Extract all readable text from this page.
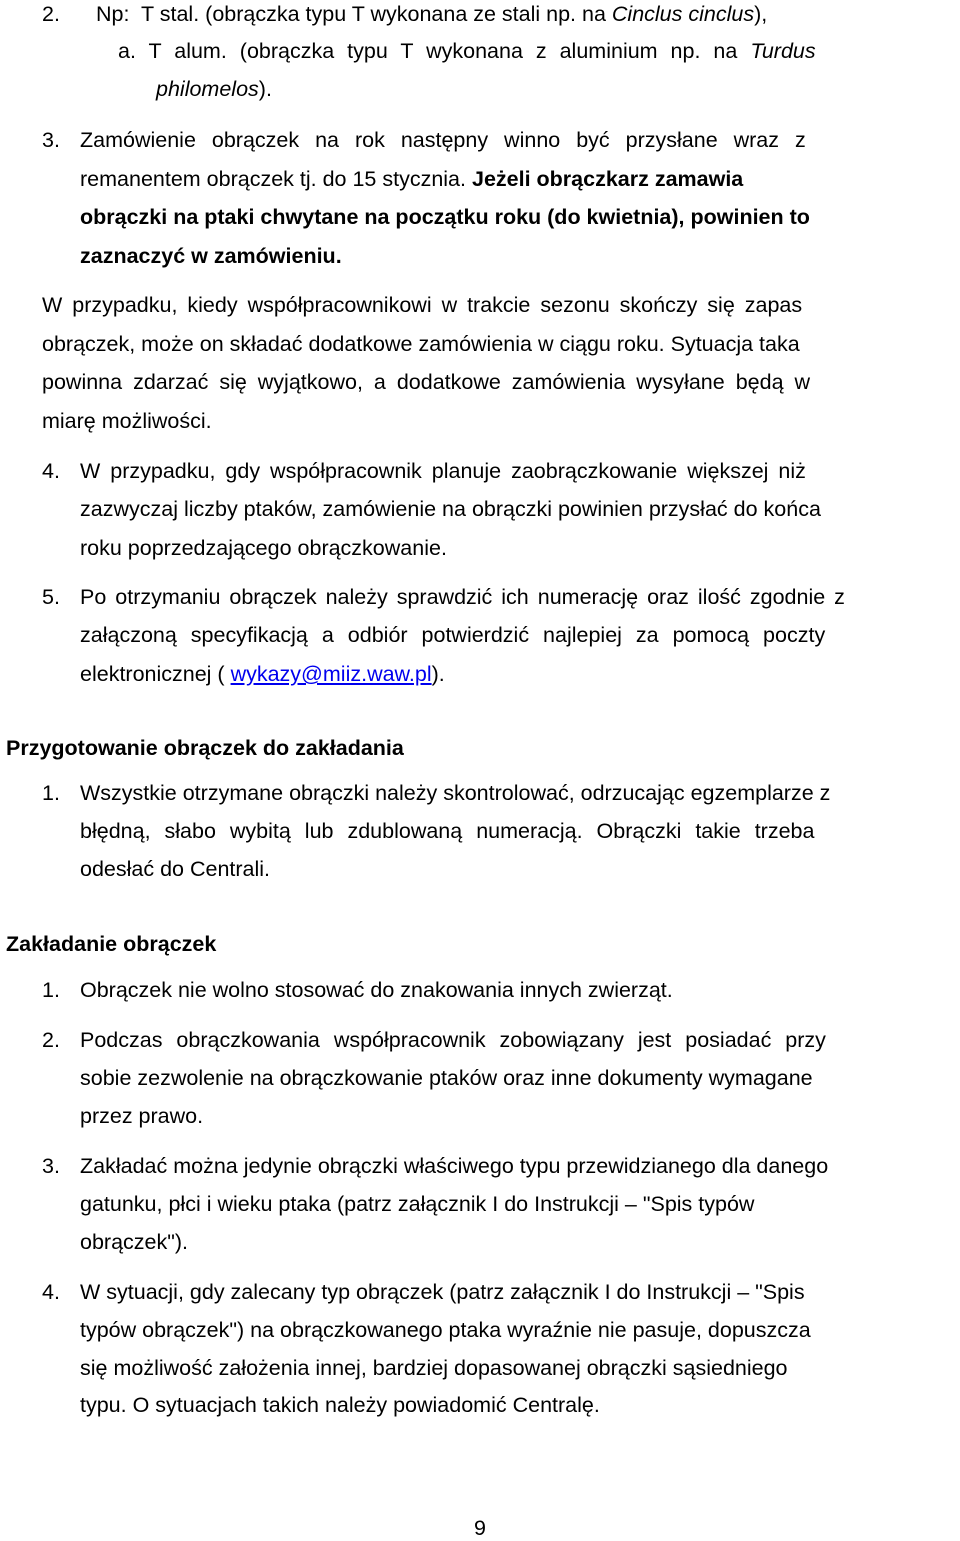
2. Np: T stal. (obrączka typu T wykonana ze stali np. na Cinclus cinclus),
a. T alum. (obrączka typu T wykonana z aluminium np. na Turdus
philomelos).
3. Zamówienie obrączek na rok następny winno być przysłane wraz z
remanentem obrączek tj. do 15 stycznia. Jeżeli obrączkarz zamawia
obrączki na ptaki chwytane na początku roku (do kwietnia), powinien to
zaznaczyć w zamówieniu.
W przypadku, kiedy współpracownikowi w trakcie sezonu skończy się zapas
obrączek, może on składać dodatkowe zamówienia w ciągu roku. Sytuacja taka
powinna zdarzać się wyjątkowo, a dodatkowe zamówienia wysyłane będą w
miarę możliwości.
4. W przypadku, gdy współpracownik planuje zaobrączkowanie większej niż
zazwyczaj liczby ptaków, zamówienie na obrączki powinien przysłać do końca
roku poprzedzającego obrączkowanie.
5. Po otrzymaniu obrączek należy sprawdzić ich numerację oraz ilość zgodnie z
załączoną specyfikacją a odbiór potwierdzić najlepiej za pomocą poczty
elektronicznej ( wykazy@miiz.waw.pl).
Przygotowanie obrączek do zakładania
1. Wszystkie otrzymane obrączki należy skontrolować, odrzucając egzemplarze z
błędną, słabo wybitą lub zdublowaną numeracją. Obrączki takie trzeba
odesłać do Centrali.
Zakładanie obrączek
1. Obrączek nie wolno stosować do znakowania innych zwierząt.
2. Podczas obrączkowania współpracownik zobowiązany jest posiadać przy
sobie zezwolenie na obrączkowanie ptaków oraz inne dokumenty wymagane
przez prawo.
3. Zakładać można jedynie obrączki właściwego typu przewidzianego dla danego
gatunku, płci i wieku ptaka (patrz załącznik I do Instrukcji – "Spis typów
obrączek").
4. W sytuacji, gdy zalecany typ obrączek (patrz załącznik I do Instrukcji – "Spis
typów obrączek") na obrączkowanego ptaka wyraźnie nie pasuje, dopuszcza
się możliwość założenia innej, bardziej dopasowanej obrączki sąsiedniego
typu. O sytuacjach takich należy powiadomić Centralę.
9
